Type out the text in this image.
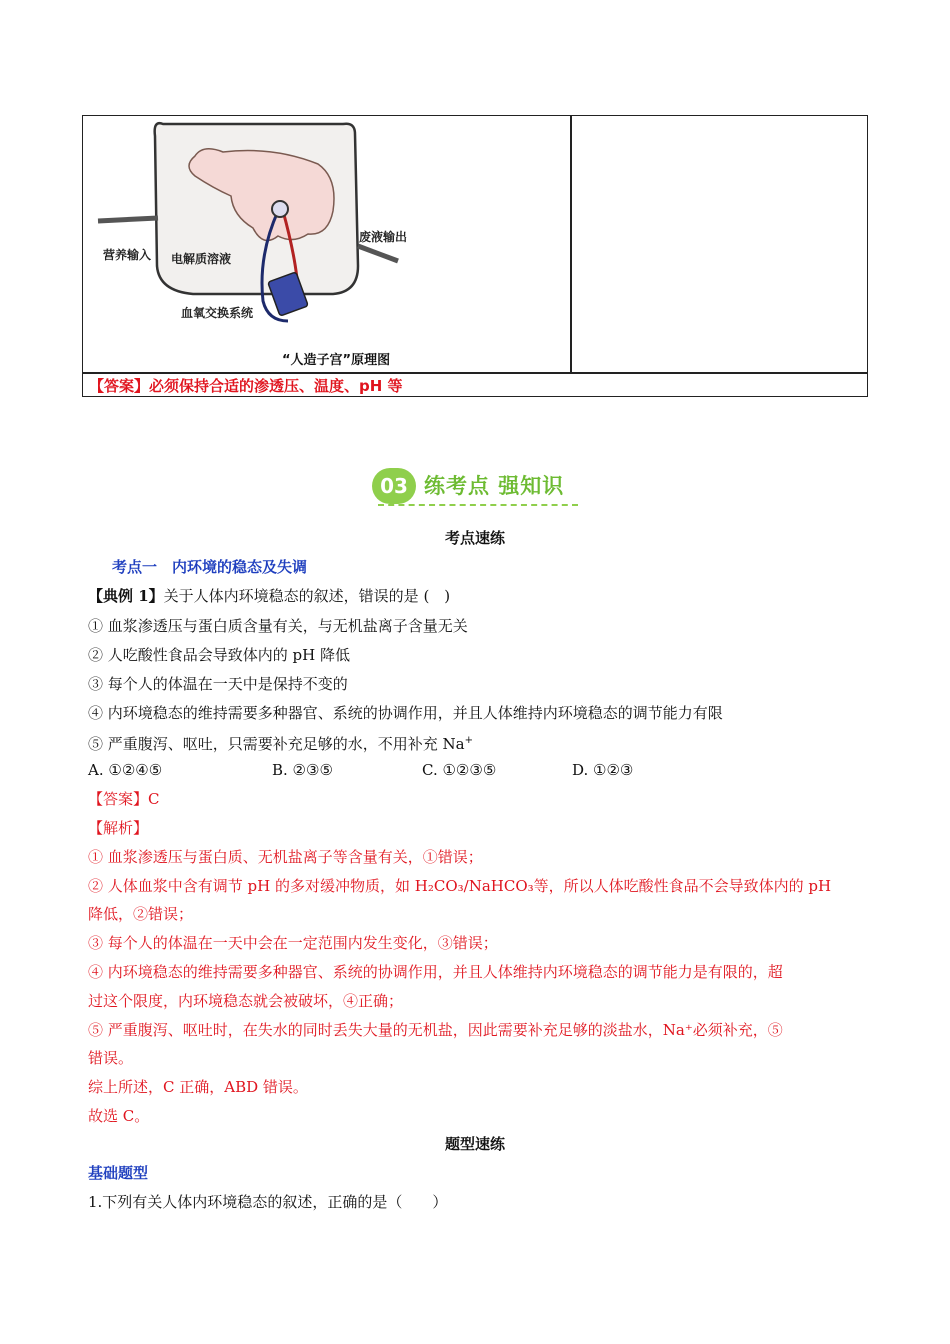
营养输入 电解质溶液
废液输出
血氧交换系统
“人造子宫”原理图
【答案】必须保持合适的渗透压、温度、pH 等
03 练考点 强知识
考点速练
考点一　内环境的稳态及失调
【典例 1】关于人体内环境稳态的叙述，错误的是 (　)
① 血浆渗透压与蛋白质含量有关，与无机盐离子含量无关
② 人吃酸性食品会导致体内的 pH 降低
③ 每个人的体温在一天中是保持不变的
④ 内环境稳态的维持需要多种器官、系统的协调作用，并且人体维持内环境稳态的调节能力有限
⑤ 严重腹泻、呕吐，只需要补充足够的水，不用补充 Na+
A. ①②④⑤	B. ②③⑤	C. ①②③⑤	D. ①②③
【答案】C
【解析】
① 血浆渗透压与蛋白质、无机盐离子等含量有关，①错误；
② 人体血浆中含有调节 pH 的多对缓冲物质，如 H₂CO₃/NaHCO₃等，所以人体吃酸性食品不会导致体内的 pH
降低，②错误；
③ 每个人的体温在一天中会在一定范围内发生变化，③错误；
④ 内环境稳态的维持需要多种器官、系统的协调作用，并且人体维持内环境稳态的调节能力是有限的，超
过这个限度，内环境稳态就会被破坏，④正确；
⑤ 严重腹泻、呕吐时，在失水的同时丢失大量的无机盐，因此需要补充足够的淡盐水，Na⁺必须补充，⑤
错误。
综上所述，C 正确，ABD 错误。
故选 C。
题型速练
基础题型
1.下列有关人体内环境稳态的叙述，正确的是（　　）
